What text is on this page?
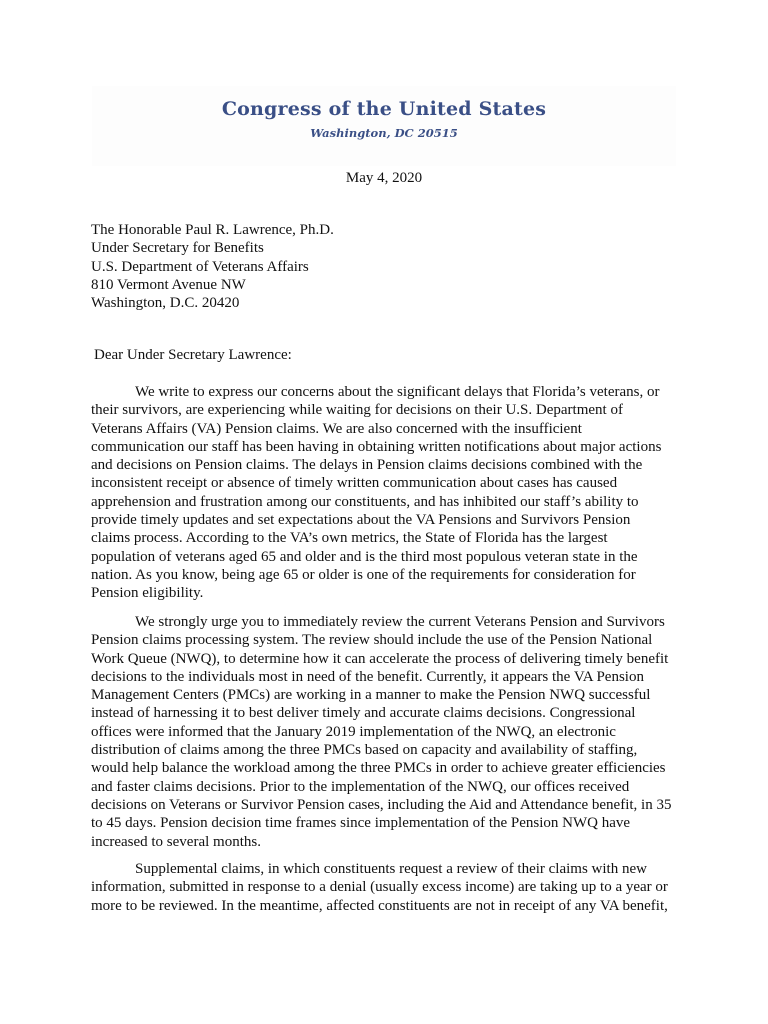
Congress of the United States
Washington, DC 20515
May 4, 2020
The Honorable Paul R. Lawrence, Ph.D.
Under Secretary for Benefits
U.S. Department of Veterans Affairs
810 Vermont Avenue NW
Washington, D.C. 20420
Dear Under Secretary Lawrence:
We write to express our concerns about the significant delays that Florida’s veterans, or
their survivors, are experiencing while waiting for decisions on their U.S. Department of
Veterans Affairs (VA) Pension claims. We are also concerned with the insufficient
communication our staff has been having in obtaining written notifications about major actions
and decisions on Pension claims. The delays in Pension claims decisions combined with the
inconsistent receipt or absence of timely written communication about cases has caused
apprehension and frustration among our constituents, and has inhibited our staff’s ability to
provide timely updates and set expectations about the VA Pensions and Survivors Pension
claims process. According to the VA’s own metrics, the State of Florida has the largest
population of veterans aged 65 and older and is the third most populous veteran state in the
nation. As you know, being age 65 or older is one of the requirements for consideration for
Pension eligibility.
We strongly urge you to immediately review the current Veterans Pension and Survivors
Pension claims processing system. The review should include the use of the Pension National
Work Queue (NWQ), to determine how it can accelerate the process of delivering timely benefit
decisions to the individuals most in need of the benefit. Currently, it appears the VA Pension
Management Centers (PMCs) are working in a manner to make the Pension NWQ successful
instead of harnessing it to best deliver timely and accurate claims decisions. Congressional
offices were informed that the January 2019 implementation of the NWQ, an electronic
distribution of claims among the three PMCs based on capacity and availability of staffing,
would help balance the workload among the three PMCs in order to achieve greater efficiencies
and faster claims decisions. Prior to the implementation of the NWQ, our offices received
decisions on Veterans or Survivor Pension cases, including the Aid and Attendance benefit, in 35
to 45 days. Pension decision time frames since implementation of the Pension NWQ have
increased to several months.
Supplemental claims, in which constituents request a review of their claims with new
information, submitted in response to a denial (usually excess income) are taking up to a year or
more to be reviewed. In the meantime, affected constituents are not in receipt of any VA benefit,
